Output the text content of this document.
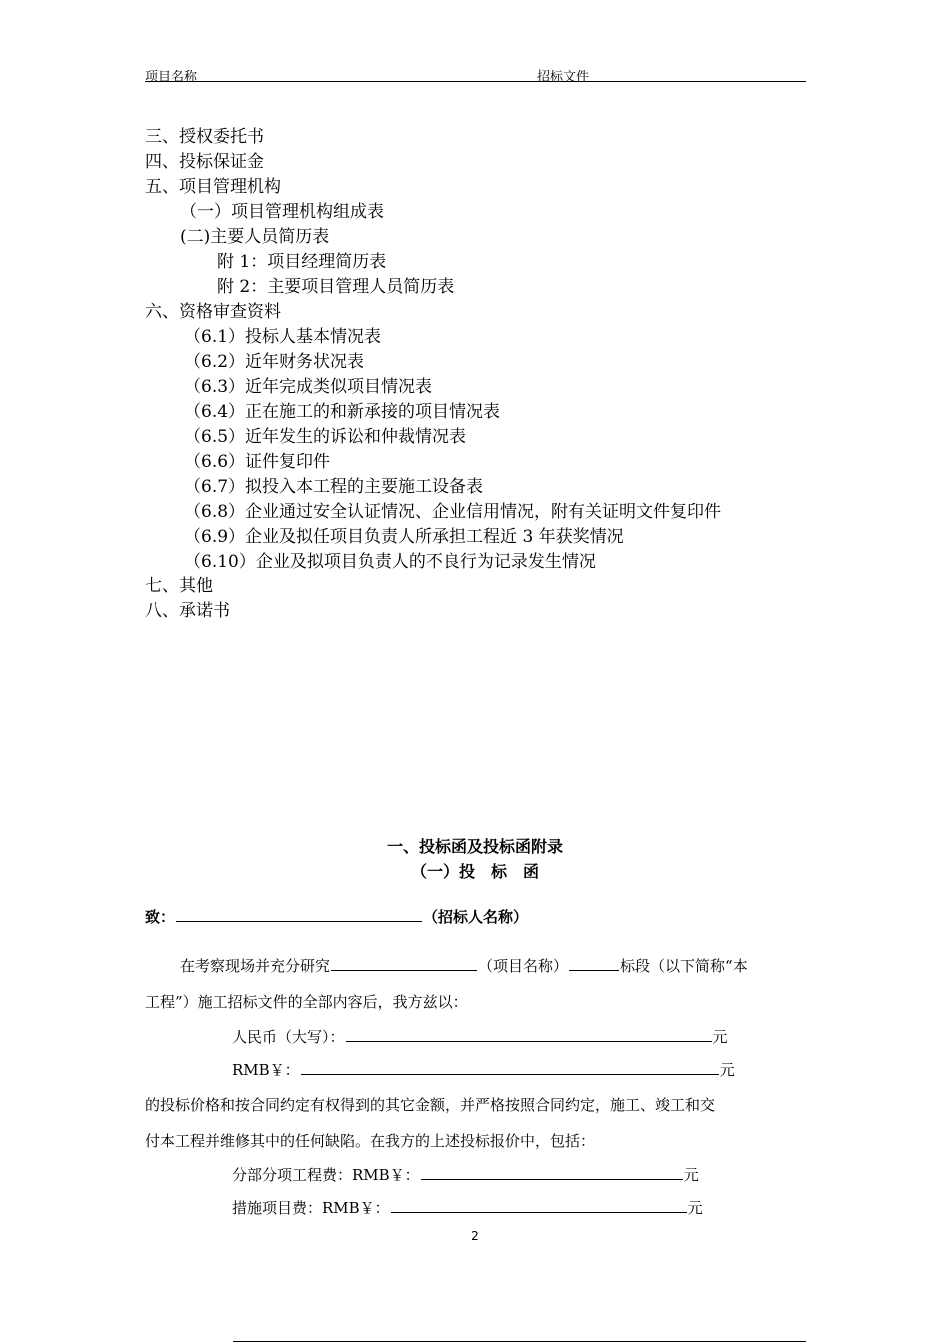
项目名称	招标文件
三、授权委托书
四、投标保证金
五、项目管理机构
（一）项目管理机构组成表
(二)主要人员简历表
附 1：项目经理简历表
附 2：主要项目管理人员简历表
六、资格审查资料
（6.1）投标人基本情况表
（6.2）近年财务状况表
（6.3）近年完成类似项目情况表
（6.4）正在施工的和新承接的项目情况表
（6.5）近年发生的诉讼和仲裁情况表
（6.6）证件复印件
（6.7）拟投入本工程的主要施工设备表
（6.8）企业通过安全认证情况、企业信用情况，附有关证明文件复印件
（6.9）企业及拟任项目负责人所承担工程近 3 年获奖情况
（6.10）企业及拟项目负责人的不良行为记录发生情况
七、其他
八、承诺书
一、投标函及投标函附录
（一）投　标　函
致：	（招标人名称）
在考察现场并充分研究	（项目名称）	标段（以下简称“本
工程”）施工招标文件的全部内容后，我方兹以：
人民币（大写）：	元
RMB￥：	元
的投标价格和按合同约定有权得到的其它金额，并严格按照合同约定，施工、竣工和交
付本工程并维修其中的任何缺陷。在我方的上述投标报价中，包括：
分部分项工程费：RMB￥：	元
措施项目费：RMB￥：	元
2
